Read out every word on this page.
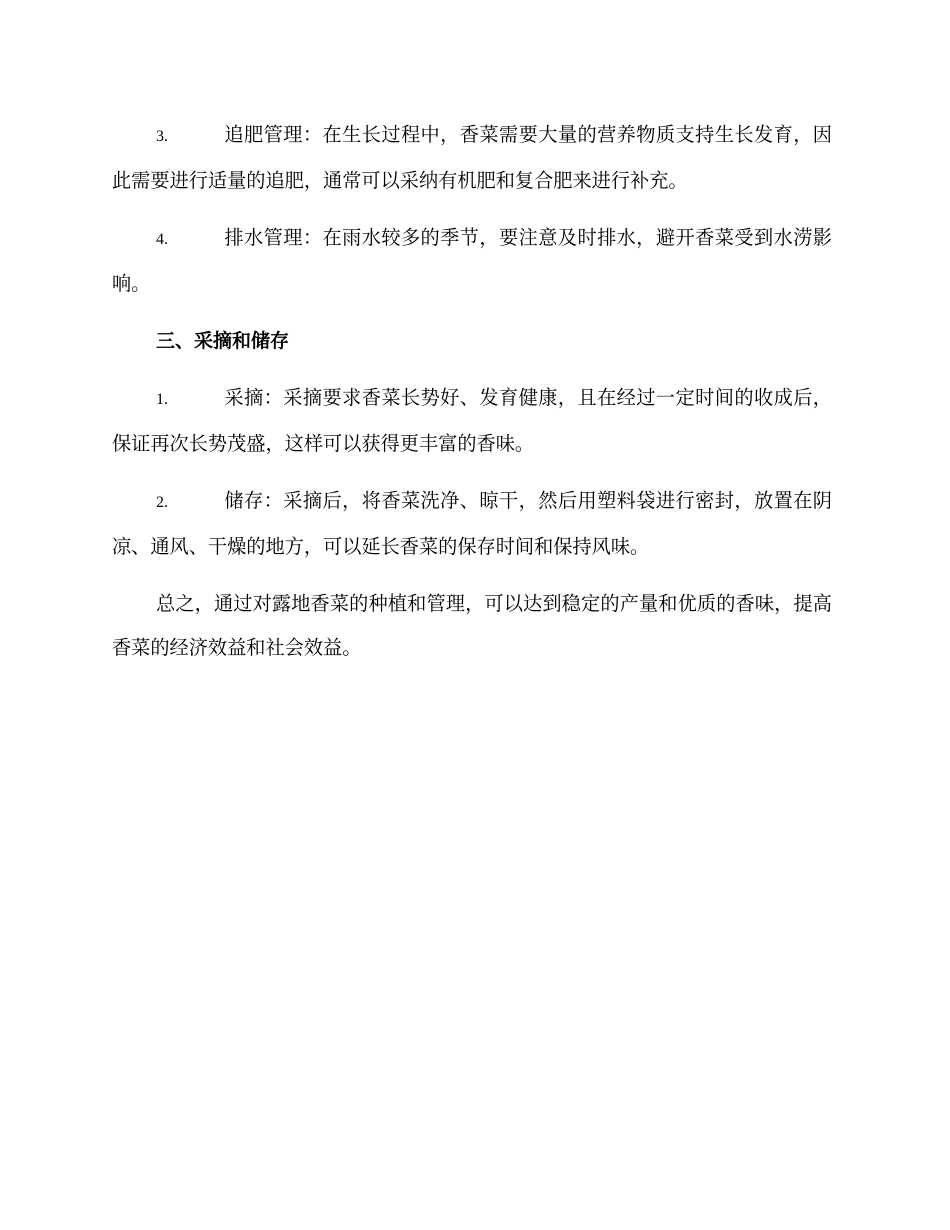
3.	追肥管理：在生长过程中，香菜需要大量的营养物质支持生长发育，因此需要进行适量的追肥，通常可以采纳有机肥和复合肥来进行补充。

4.	排水管理：在雨水较多的季节，要注意及时排水，避开香菜受到水涝影响。

三、采摘和储存

1.	采摘：采摘要求香菜长势好、发育健康，且在经过一定时间的收成后，保证再次长势茂盛，这样可以获得更丰富的香味。

2.	储存：采摘后，将香菜洗净、晾干，然后用塑料袋进行密封，放置在阴凉、通风、干燥的地方，可以延长香菜的保存时间和保持风味。

总之，通过对露地香菜的种植和管理，可以达到稳定的产量和优质的香味，提高香菜的经济效益和社会效益。
